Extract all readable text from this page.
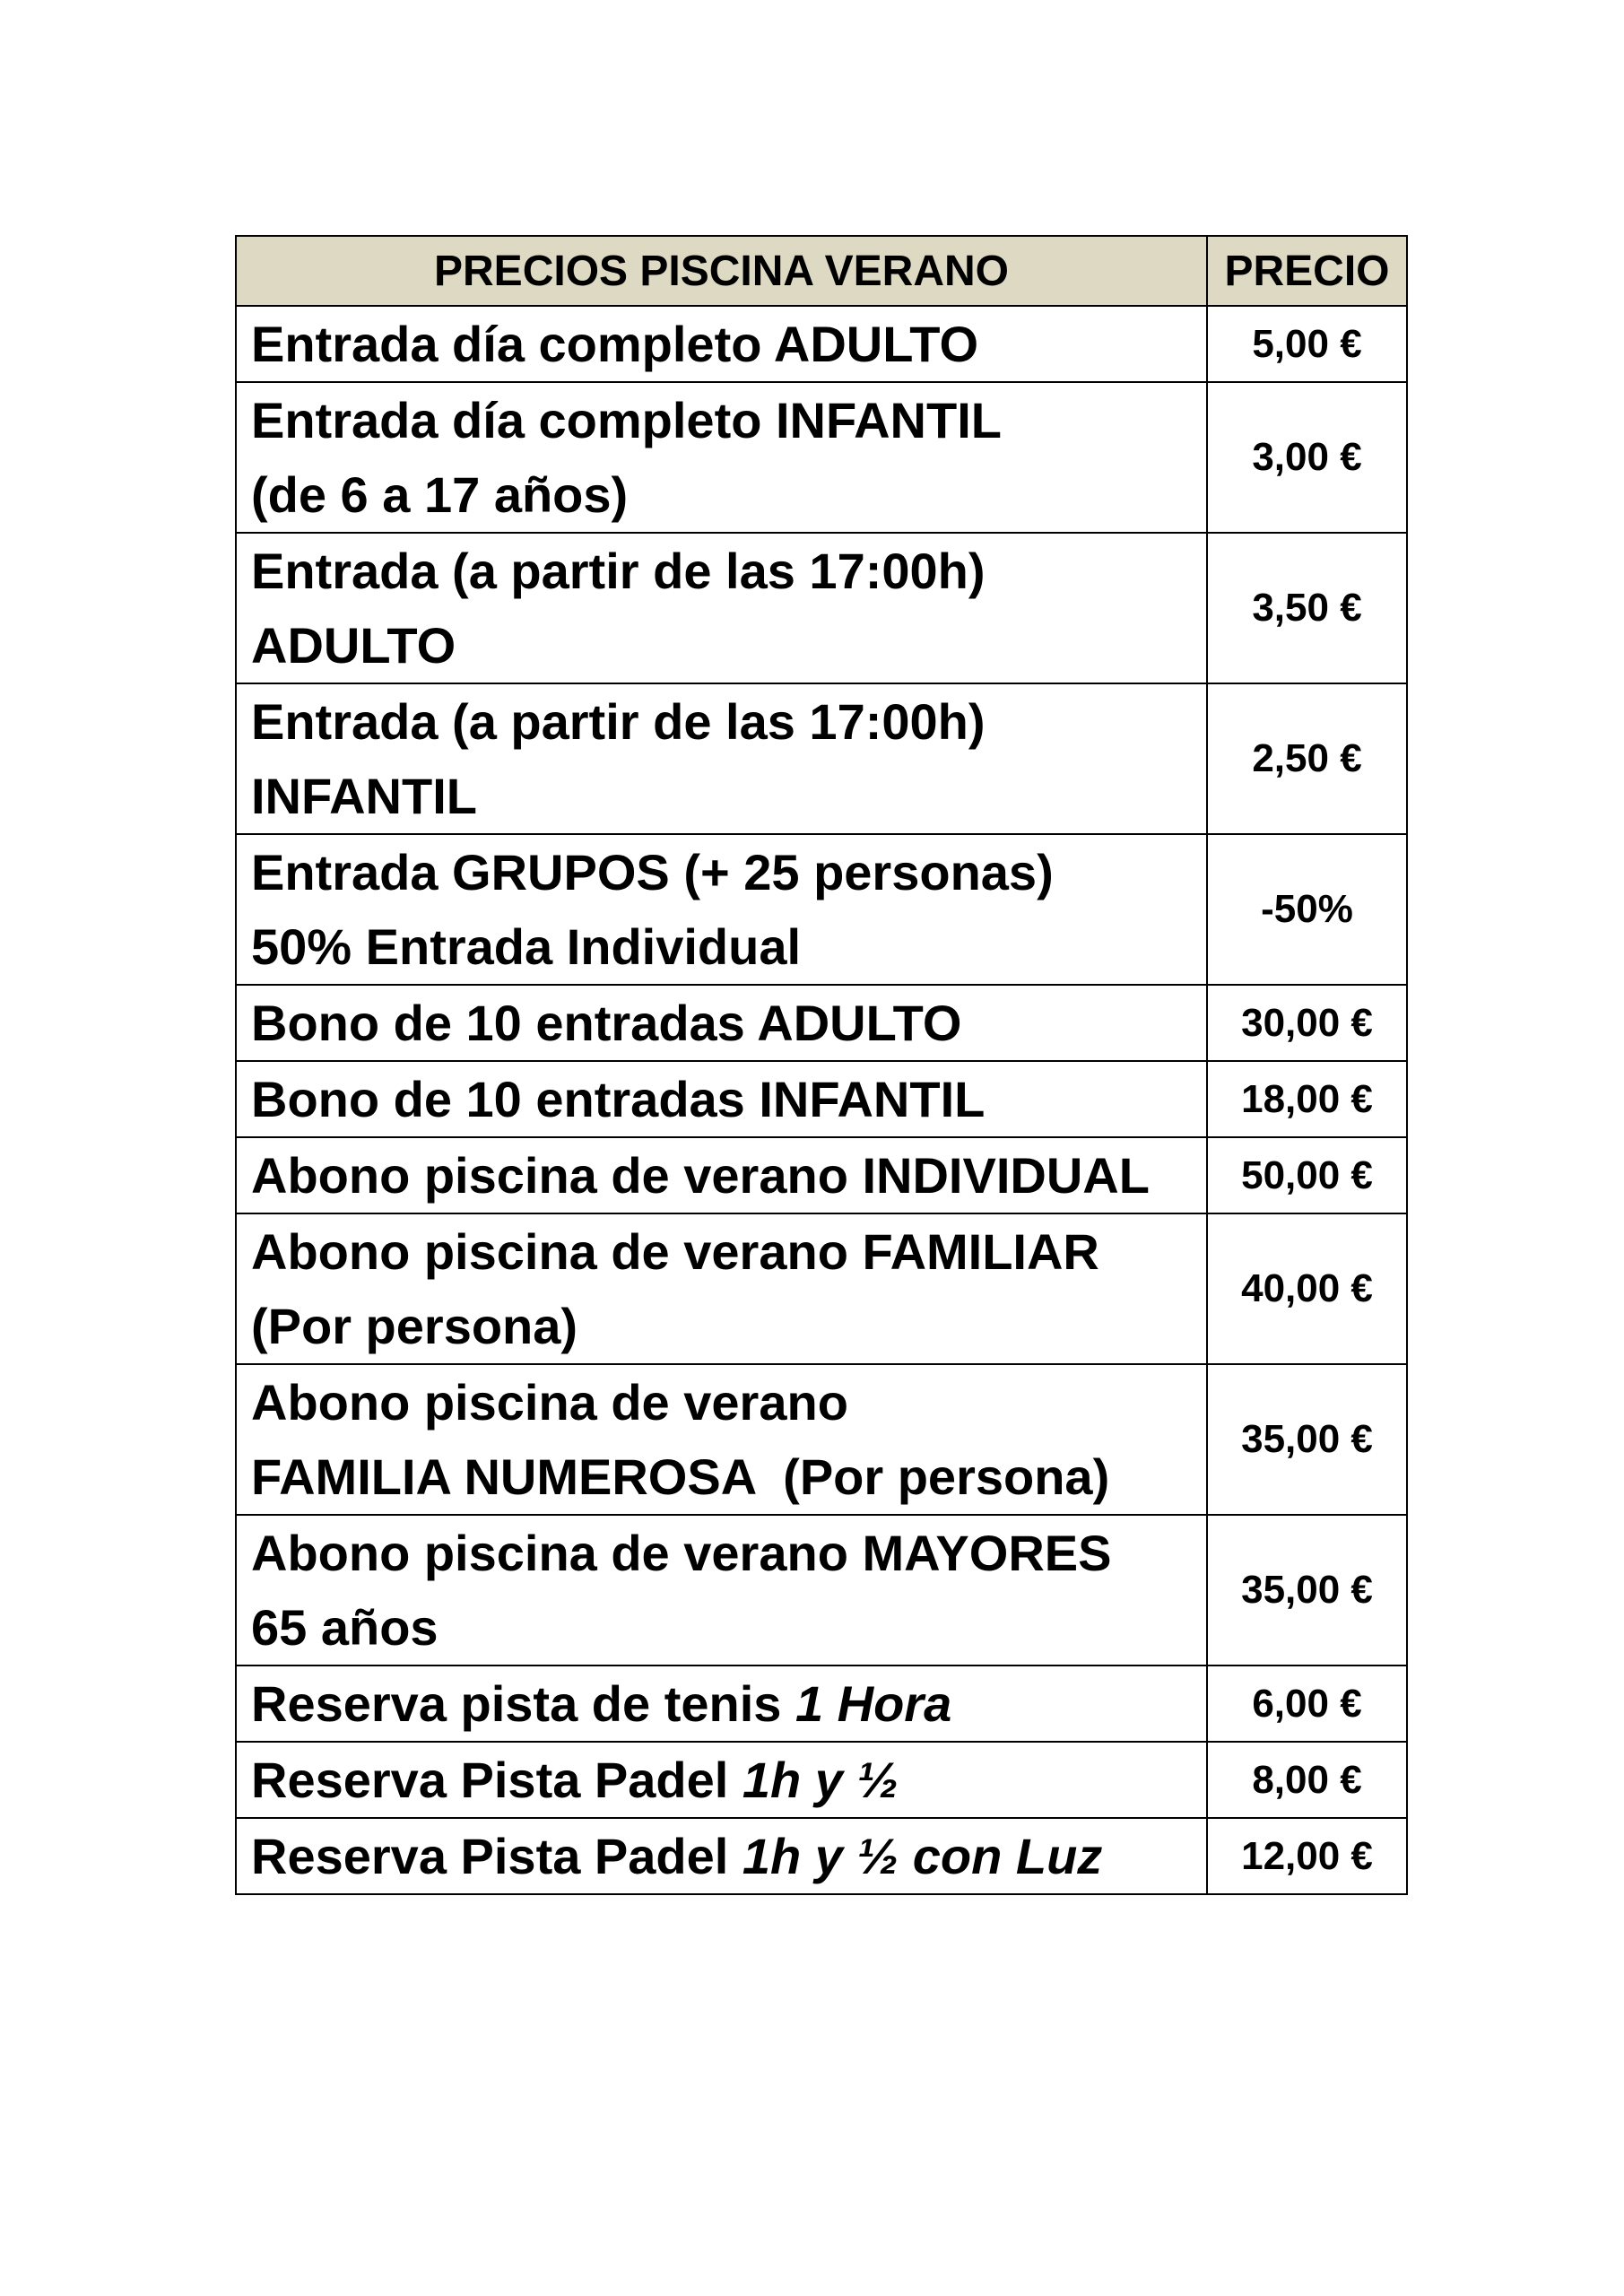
PRECIOS PISCINA VERANO	PRECIO

Entrada día completo ADULTO	5,00 €

Entrada día completo INFANTIL
(de 6 a 17 años)	3,00 €

Entrada (a partir de las 17:00h)
ADULTO	3,50 €

Entrada (a partir de las 17:00h)
INFANTIL	2,50 €

Entrada GRUPOS (+ 25 personas)
50% Entrada Individual	-50%

Bono de 10 entradas ADULTO	30,00 €

Bono de 10 entradas INFANTIL	18,00 €

Abono piscina de verano INDIVIDUAL	50,00 €

Abono piscina de verano FAMILIAR
(Por persona)	40,00 €

Abono piscina de verano
FAMILIA NUMEROSA  (Por persona)	35,00 €

Abono piscina de verano MAYORES
65 años	35,00 €

Reserva pista de tenis 1 Hora	6,00 €

Reserva Pista Padel 1h y ½	8,00 €

Reserva Pista Padel 1h y ½ con Luz	12,00 €
